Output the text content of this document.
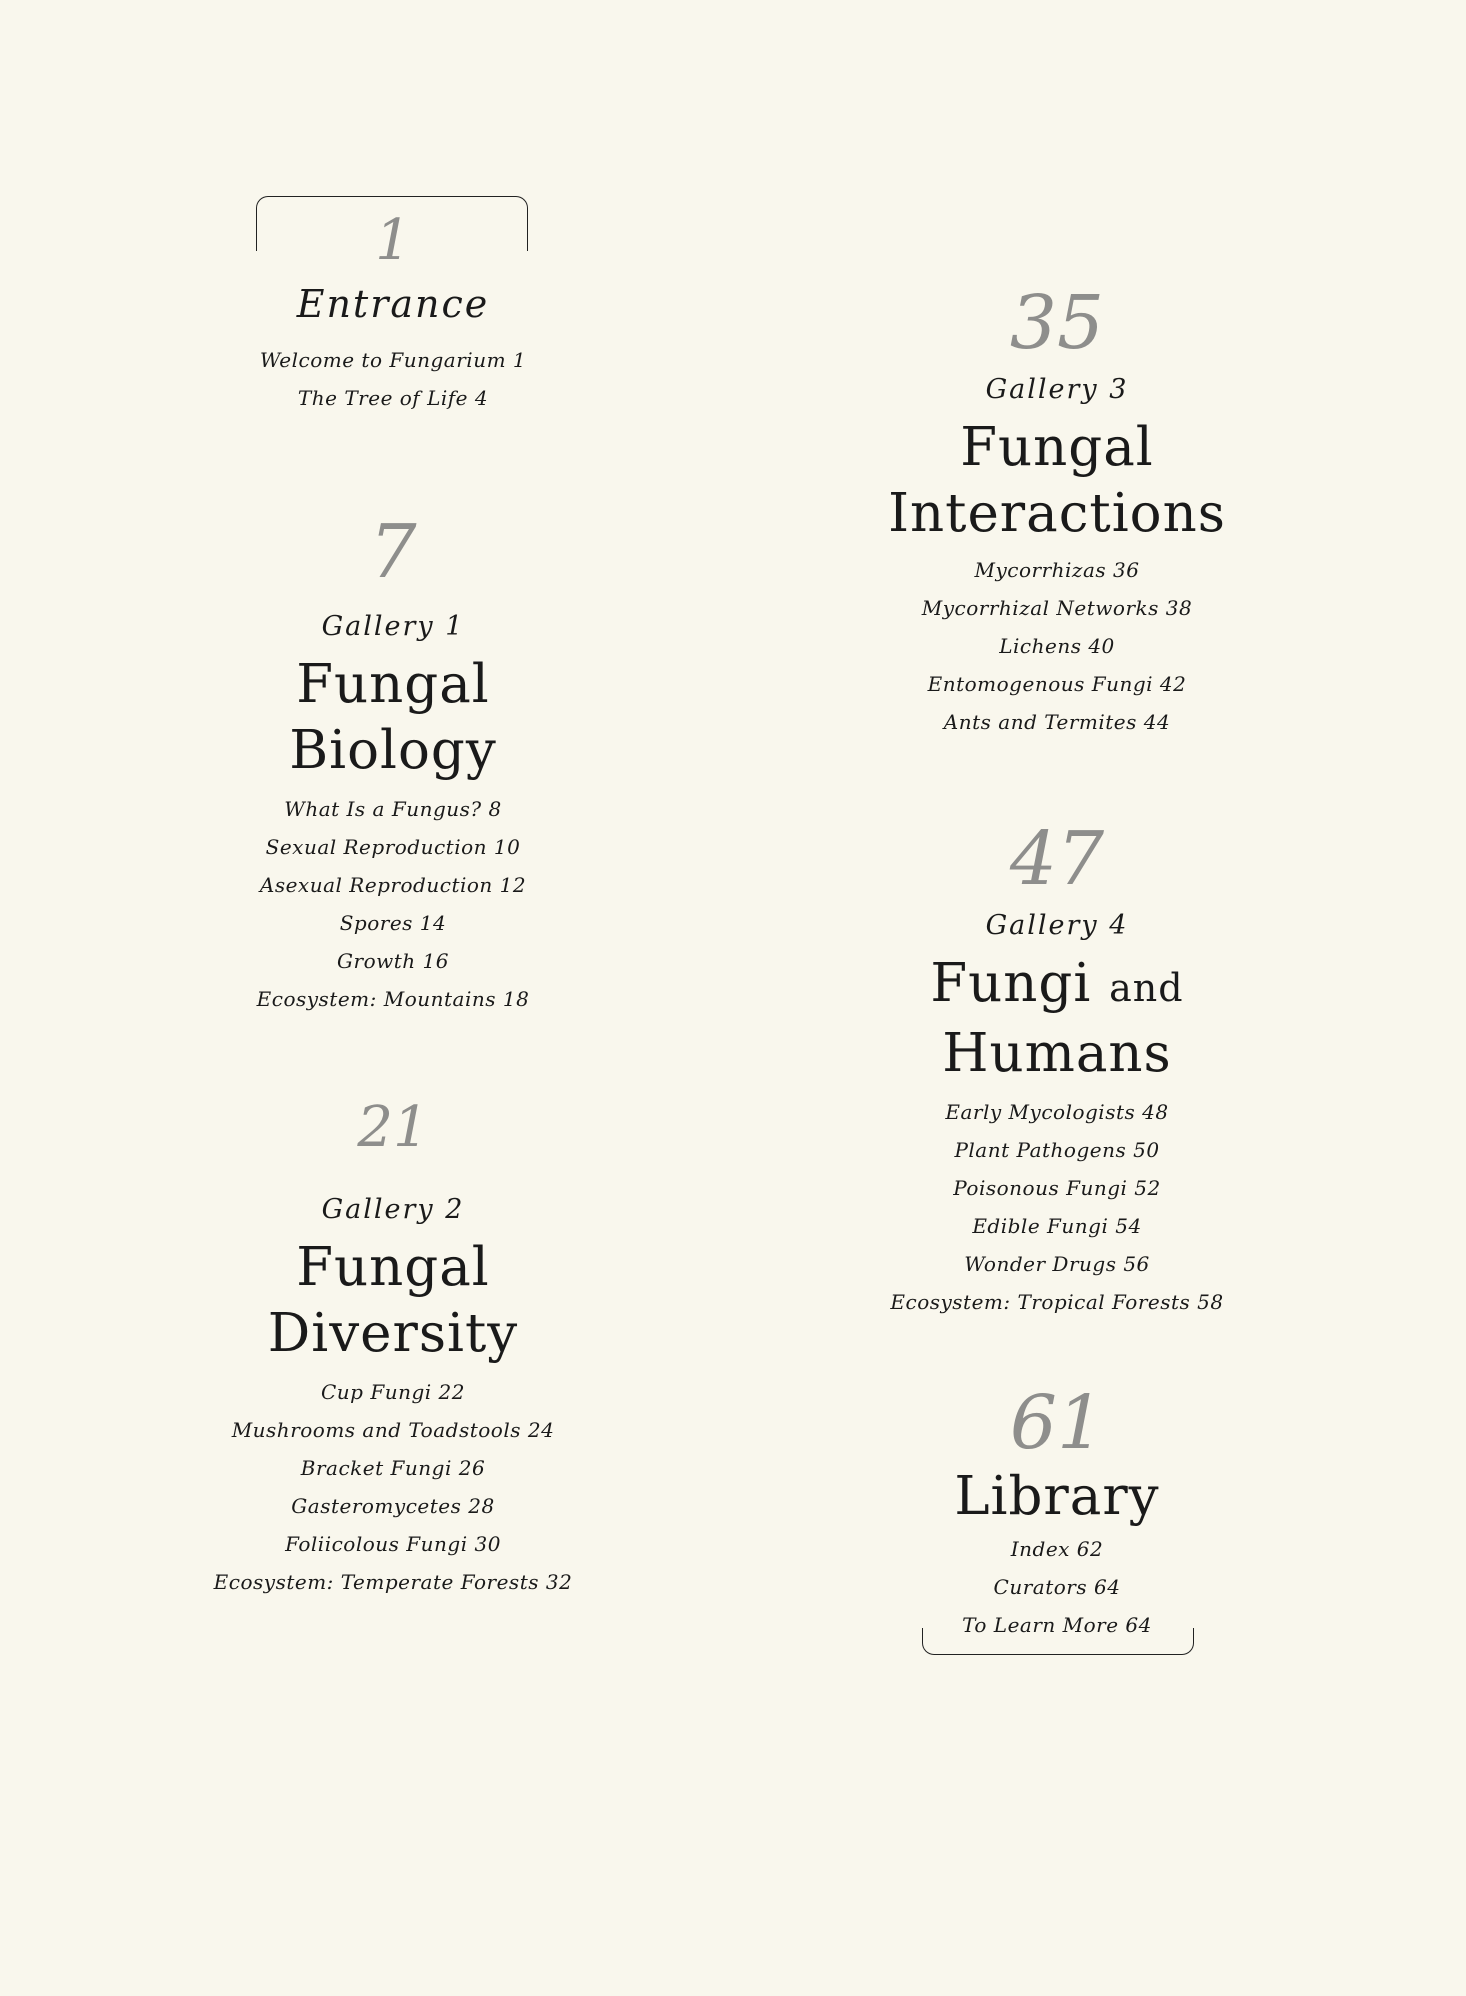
1
Entrance
Welcome to Fungarium 1
The Tree of Life 4
7
Gallery 1
Fungal
Biology
What Is a Fungus? 8
Sexual Reproduction 10
Asexual Reproduction 12
Spores 14
Growth 16
Ecosystem: Mountains 18
21
Gallery 2
Fungal
Diversity
Cup Fungi 22
Mushrooms and Toadstools 24
Bracket Fungi 26
Gasteromycetes 28
Foliicolous Fungi 30
Ecosystem: Temperate Forests 32
35
Gallery 3
Fungal
Interactions
Mycorrhizas 36
Mycorrhizal Networks 38
Lichens 40
Entomogenous Fungi 42
Ants and Termites 44
47
Gallery 4
Fungi and
Humans
Early Mycologists 48
Plant Pathogens 50
Poisonous Fungi 52
Edible Fungi 54
Wonder Drugs 56
Ecosystem: Tropical Forests 58
61
Library
Index 62
Curators 64
To Learn More 64
